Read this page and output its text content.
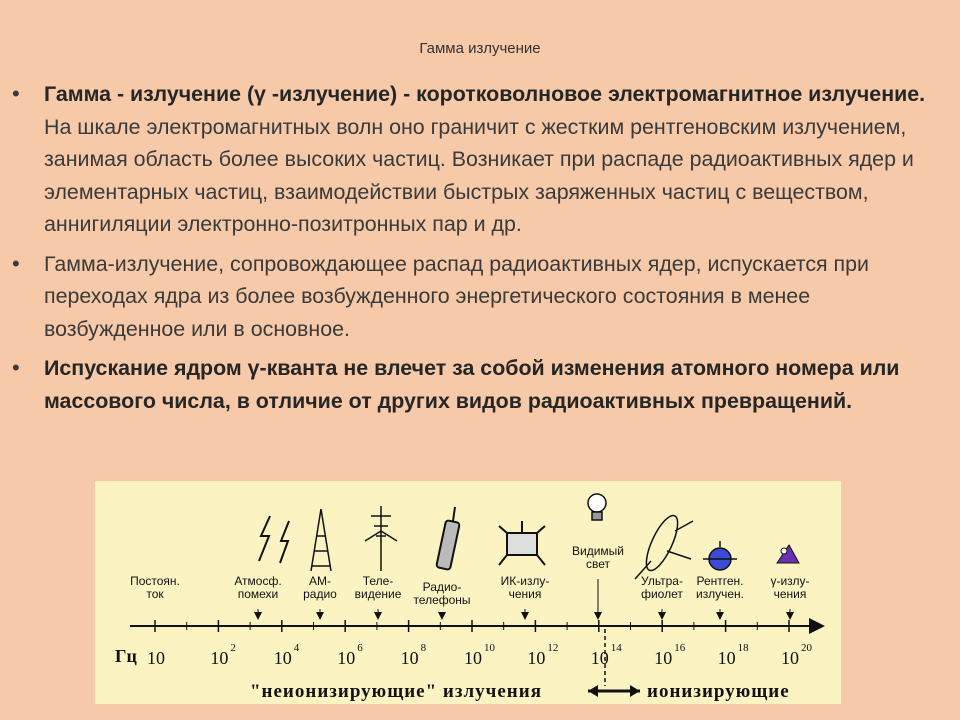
Гамма излучение
• Гамма - излучение (γ -излучение) - коротковолновое электромагнитное излучение. На шкале электромагнитных волн оно граничит с жестким рентгеновским излучением, занимая область более высоких частиц. Возникает при распаде радиоактивных ядер и элементарных частиц, взаимодействии быстрых заряженных частиц с веществом, аннигиляции электронно-позитронных пар и др.
• Гамма-излучение, сопровождающее распад радиоактивных ядер, испускается при переходах ядра из более возбужденного энергетического состояния в менее возбужденное или в основное.
• Испускание ядром γ-кванта не влечет за собой изменения атомного номера или массового числа, в отличие от других видов радиоактивных превращений.
Постоян.
ток
Атмосф.
помехи
АМ-
радио
Теле-
видение Радио-
телефоны
ИК-излу-
чения
Видимый
свет
Ультра-
фиолет
Рентген.
излучен.
γ-излу-
чения
10	10 2 10 4 10 6 10 8 10 10 10 12 10 14 10 16 10 18 10 20
Гц
"неионизирующие" излучения	ионизирующие
